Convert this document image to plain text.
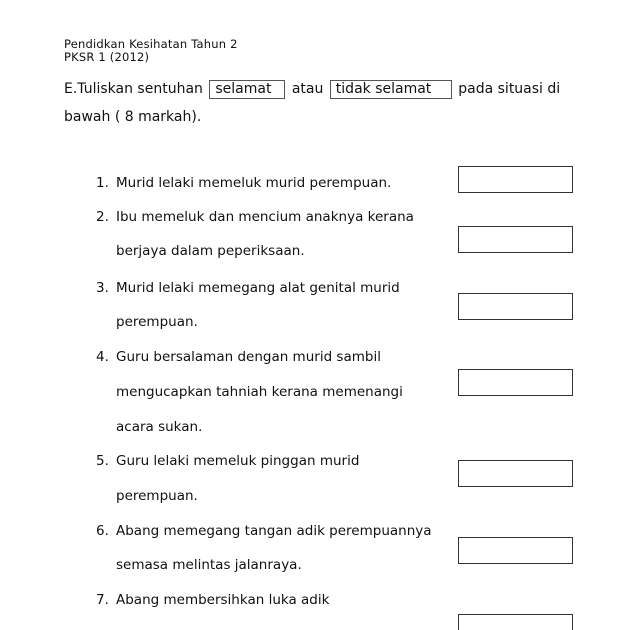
Pendidkan Kesihatan Tahun 2
PKSR 1 (2012)
E.Tuliskan sentuhan selamat atau tidak selamat pada situasi di
bawah ( 8 markah).
1. Murid lelaki memeluk murid perempuan.
2. Ibu memeluk dan mencium anaknya kerana
berjaya dalam peperiksaan.
3. Murid lelaki memegang alat genital murid
perempuan.
4. Guru bersalaman dengan murid sambil
mengucapkan tahniah kerana memenangi
acara sukan.
5. Guru lelaki memeluk pinggan murid
perempuan.
6. Abang memegang tangan adik perempuannya
semasa melintas jalanraya.
7. Abang membersihkan luka adik
